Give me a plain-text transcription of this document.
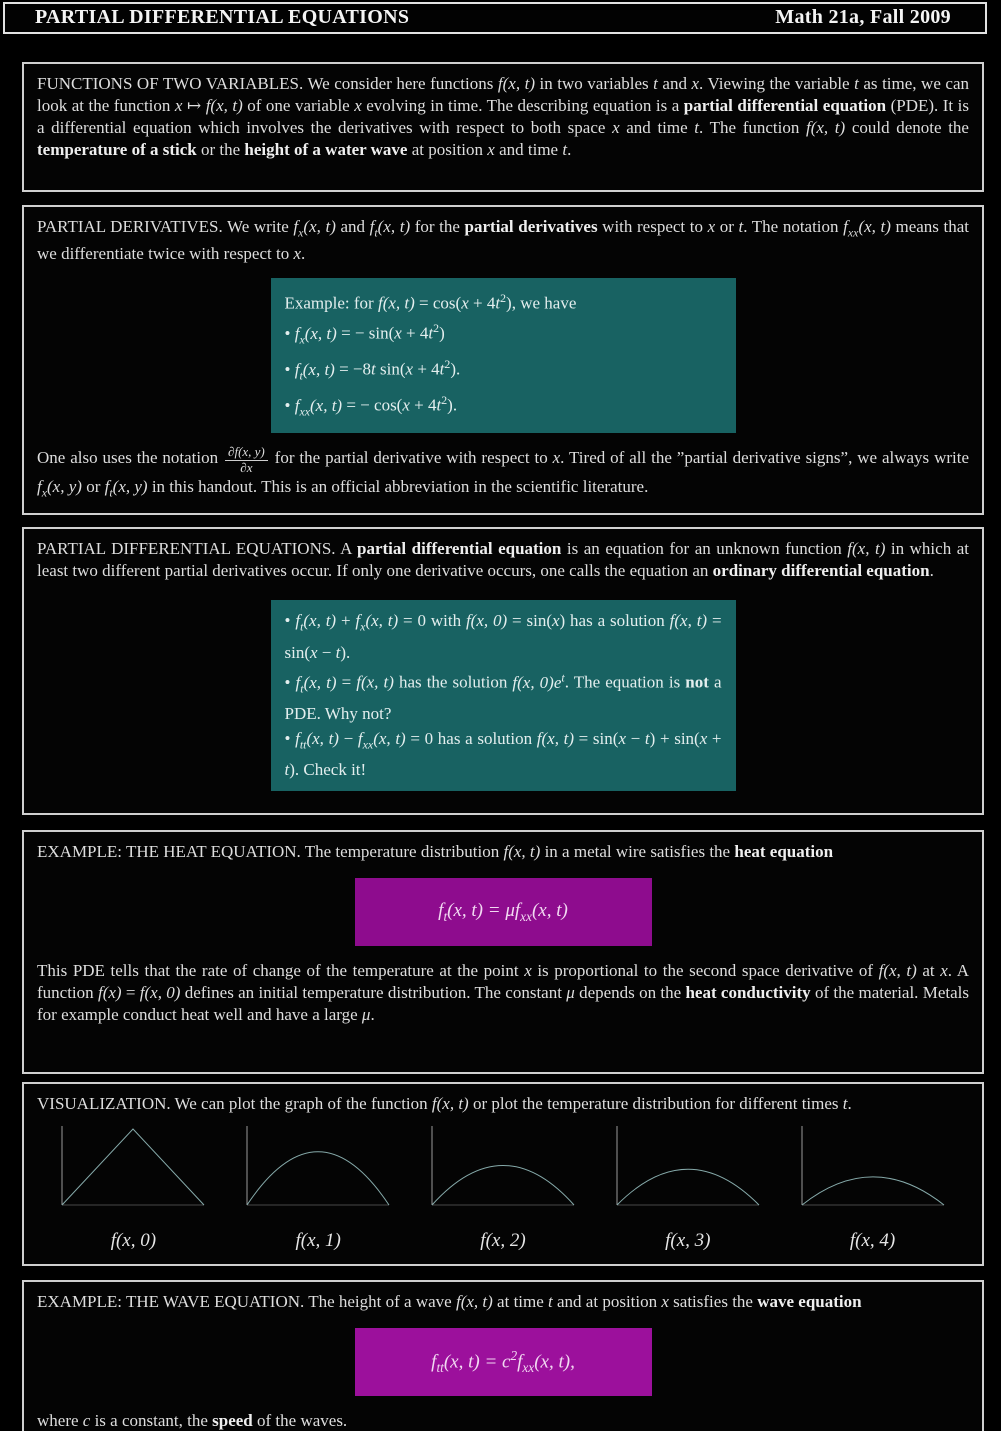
PARTIAL DIFFERENTIAL EQUATIONS	Math 21a, Fall 2009

FUNCTIONS OF TWO VARIABLES. We consider here functions f(x, t) in two variables t and x. Viewing the variable t as time, we can look at the function x ↦ f(x, t) of one variable x evolving in time. The describing equation is a partial differential equation (PDE). It is a differential equation which involves the derivatives with respect to both space x and time t. The function f(x, t) could denote the temperature of a stick or the height of a water wave at position x and time t.

PARTIAL DERIVATIVES. We write $f_x(x$, t) and $f_t(x$, t) for the partial derivatives with respect to x or t. The notation $f_{xx}(x$, t) means that we differentiate twice with respect to x.

Example: for f(x, $t) = \cos(x + 4t^2)$, we have

• $f_x(x$, t) = − $\sin(x + 4t^2)$
• $f_t(x$, t) = −8t $\sin(x + 4t^2)$.
• $f_{xx}(x$, t) = − $\cos(x + 4t^2)$.

One also uses the notation $\frac{\partial f(x, y)}{\partial x}$ for the partial derivative with respect to x. Tired of all the ”partial derivative signs”, we always write $f_x(x$, y) or $f_t(x$, y) in this handout. This is an official abbreviation in the scientific literature.

PARTIAL DIFFERENTIAL EQUATIONS. A partial differential equation is an equation for an unknown function f(x, t) in which at least two different partial derivatives occur. If only one derivative occurs, one calls the equation an ordinary differential equation.

• $f_t(x$, $t) + f_x(x$, t) = 0 with f(x, 0) = sin(x) has a solution f(x, t) = sin(x − t).
• $f_t(x$, t) = f(x, t) has the solution f(x, $0)e^t$. The equation is not a PDE. Why not?
• $f_{tt}(x$, $t) - f_{xx}(x$, t) = 0 has a solution f(x, t) = sin(x − t) + sin(x + t). Check it!

EXAMPLE: THE HEAT EQUATION. The temperature distribution f(x, t) in a metal wire satisfies the heat equation

$f_t(x$, $t) = \mu f_{xx}(x$, t)

This PDE tells that the rate of change of the temperature at the point x is proportional to the second space derivative of f(x, t) at x. A function f(x) = f(x, 0) defines an initial temperature distribution. The constant μ depends on the heat conductivity of the material. Metals for example conduct heat well and have a large μ.

VISUALIZATION. We can plot the graph of the function f(x, t) or plot the temperature distribution for different times t.

f(x, 0)	f(x, 1)	f(x, 2)	f(x, 3)	f(x, 4)

EXAMPLE: THE WAVE EQUATION. The height of a wave f(x, t) at time t and at position x satisfies the wave equation

$f_{tt}(x$, $t) = c^2f_{xx}(x$, t),

where c is a constant, the speed of the waves.
